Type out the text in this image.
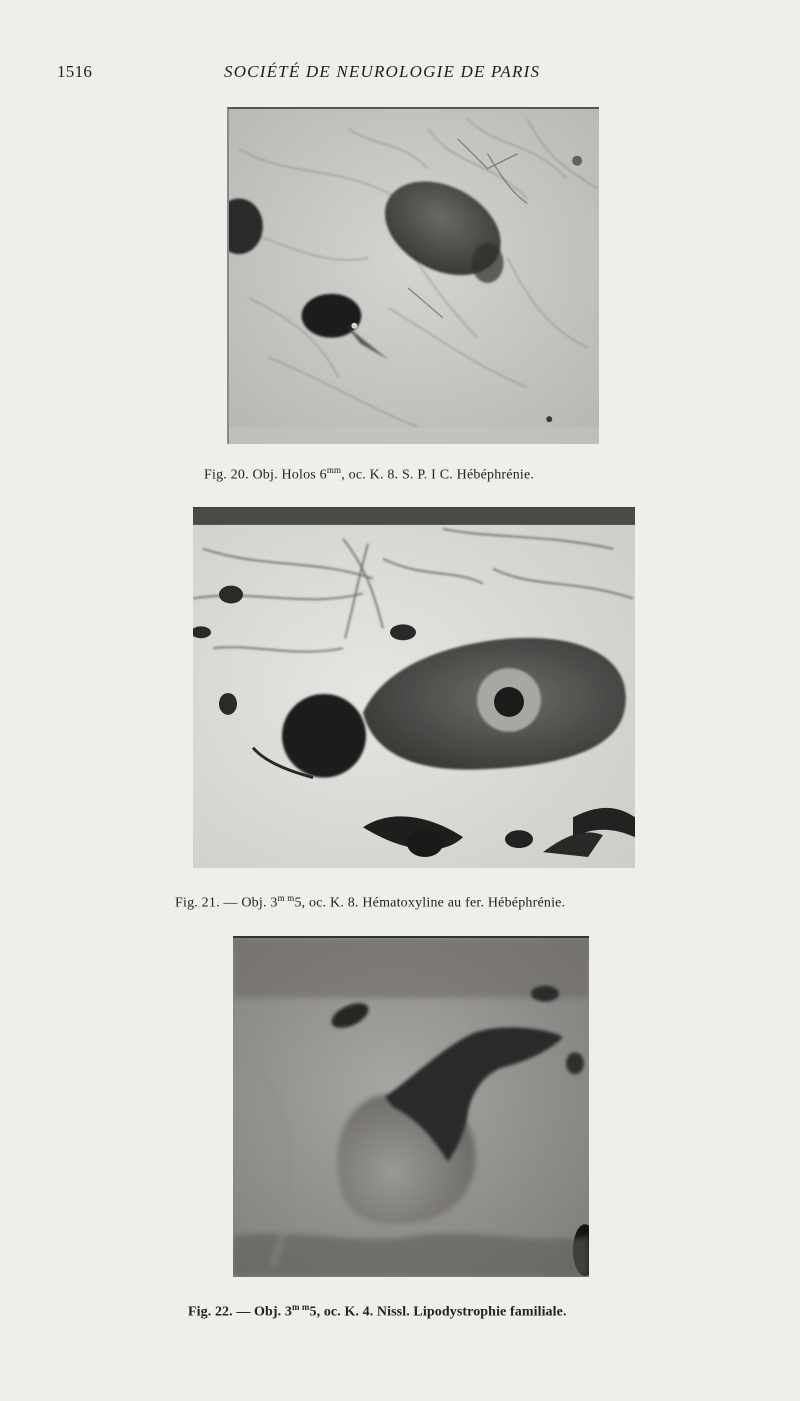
1516	SOCIÉTÉ DE NEUROLOGIE DE PARIS
Fig. 20. Obj. Holos $6^{mm}$, oc. K. 8. S. P. I C. Hébéphrénie.
Fig. 21. — Obj. $3^{m m}5$, oc. K. 8. Hématoxyline au fer. Hébéphrénie.
Fig. 22. — Obj. $3^{m m}5$, oc. K. 4. Nissl. Lipodystrophie familiale.
